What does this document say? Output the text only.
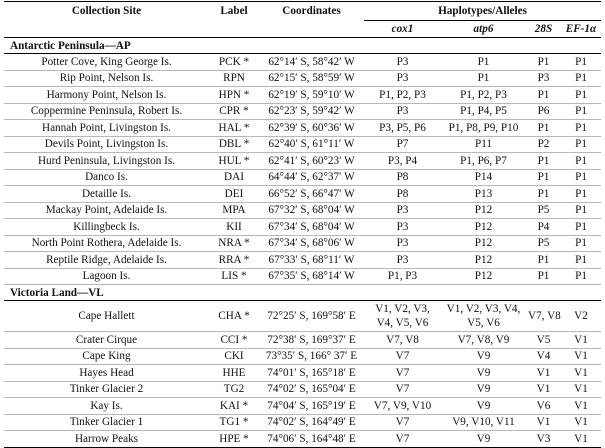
Collection Site	Label	Coordinates	Haplotypes/Alleles			
			cox1	atp6	28S	EF-1α
Antarctic Peninsula—AP						
Potter Cove, King George Is.	PCK *	62°14′ S, 58°42′ W	P3	P1	P1	P1
Rip Point, Nelson Is.	RPN	62°15′ S, 58°59′ W	P3	P1	P3	P1
Harmony Point, Nelson Is.	HPN *	62°19′ S, 59°10′ W	P1, P2, P3	P1, P2, P3	P1	P1
Coppermine Peninsula, Robert Is.	CPR *	62°23′ S, 59°42′ W	P3	P1, P4, P5	P6	P1
Hannah Point, Livingston Is.	HAL *	62°39′ S, 60°36′ W	P3, P5, P6	P1, P8, P9, P10	P1	P1
Devils Point, Livingston Is.	DBL *	62°40′ S, 61°11′ W	P7	P11	P2	P1
Hurd Peninsula, Livingston Is.	HUL *	62°41′ S, 60°23′ W	P3, P4	P1, P6, P7	P1	P1
Danco Is.	DAI	64°44′ S, 62°37′ W	P8	P14	P1	P1
Detaille Is.	DEI	66°52′ S, 66°47′ W	P8	P13	P1	P1
Mackay Point, Adelaide Is.	MPA	67°32′ S, 68°04′ W	P3	P12	P5	P1
Killingbeck Is.	KII	67°34′ S, 68°04′ W	P3	P12	P4	P1
North Point Rothera, Adelaide Is.	NRA *	67°34′ S, 68°06′ W	P3	P12	P5	P1
Reptile Ridge, Adelaide Is.	RRA *	67°33′ S, 68°11′ W	P3	P12	P1	P1
Lagoon Is.	LIS *	67°35′ S, 68°14′ W	P1, P3	P12	P1	P1
Victoria Land—VL						
Cape Hallett	CHA *	72°25′ S, 169°58′ E	V1, V2, V3, V4, V5, V6	V1, V2, V3, V4, V5, V6	V7, V8	V2
Crater Cirque	CCI *	72°38′ S, 169°37′ E	V7, V8	V7, V8, V9	V5	V1
Cape King	CKI	73°35′ S, 166° 37′ E	V7	V9	V4	V1
Hayes Head	HHE	74°01′ S, 165°18′ E	V7	V9	V1	V1
Tinker Glacier 2	TG2	74°02′ S, 165°04′ E	V7	V9	V1	V1
Kay Is.	KAI *	74°04′ S, 165°19′ E	V7, V9, V10	V9	V6	V1
Tinker Glacier 1	TG1 *	74°02′ S, 164°49′ E	V7	V9, V10, V11	V1	V1
Harrow Peaks	HPE *	74°06′ S, 164°48′ E	V7	V9	V3	V1
